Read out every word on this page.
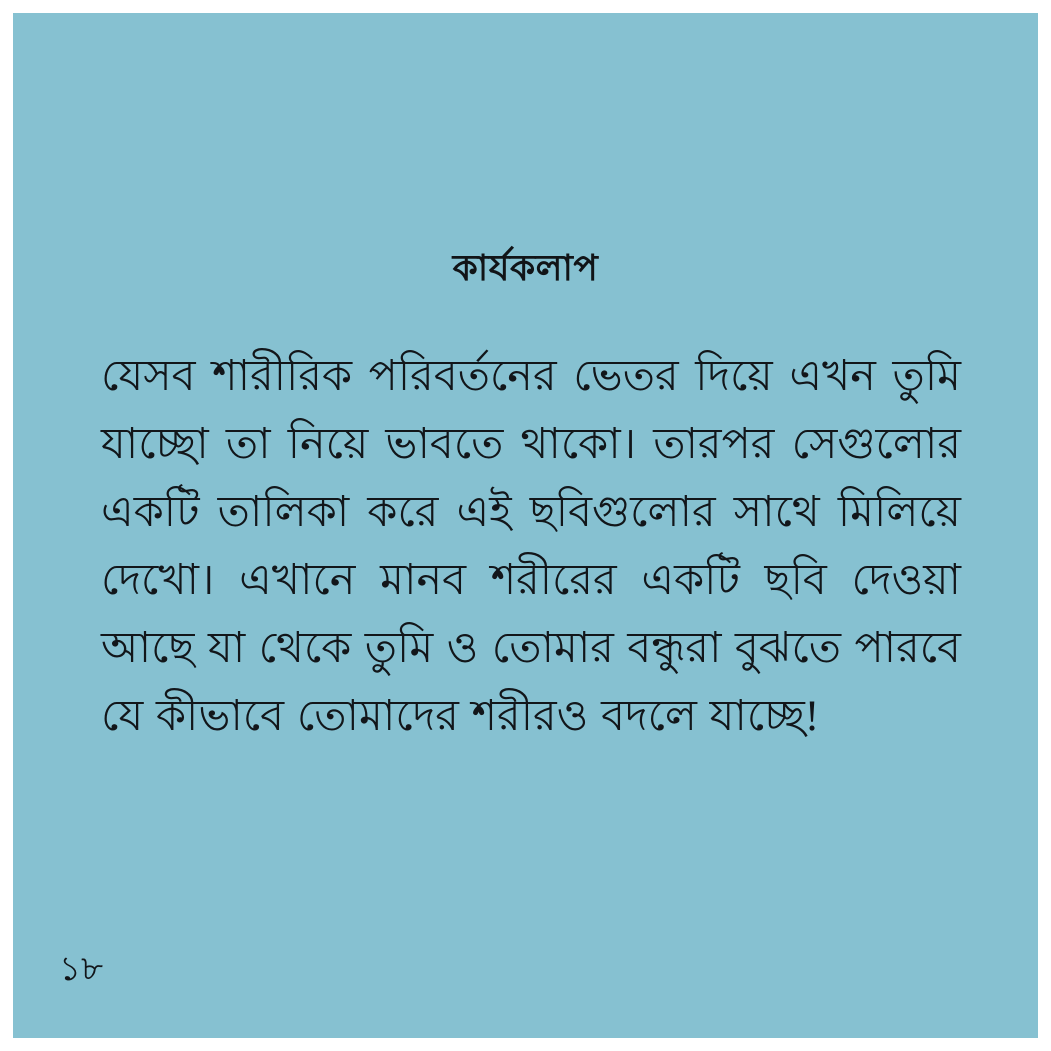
কার্যকলাপ
যেসব শারীরিক পরিবর্তনের ভেতর দিয়ে এখন তুমি যাচ্ছো তা নিয়ে ভাবতে থাকো। তারপর সেগুলোর একটি তালিকা করে এই ছবিগুলোর সাথে মিলিয়ে দেখো। এখানে মানব শরীরের একটি ছবি দেওয়া আছে যা থেকে তুমি ও তোমার বন্ধুরা বুঝতে পারবে যে কীভাবে তোমাদের শরীরও বদলে যাচ্ছে!
১৮
